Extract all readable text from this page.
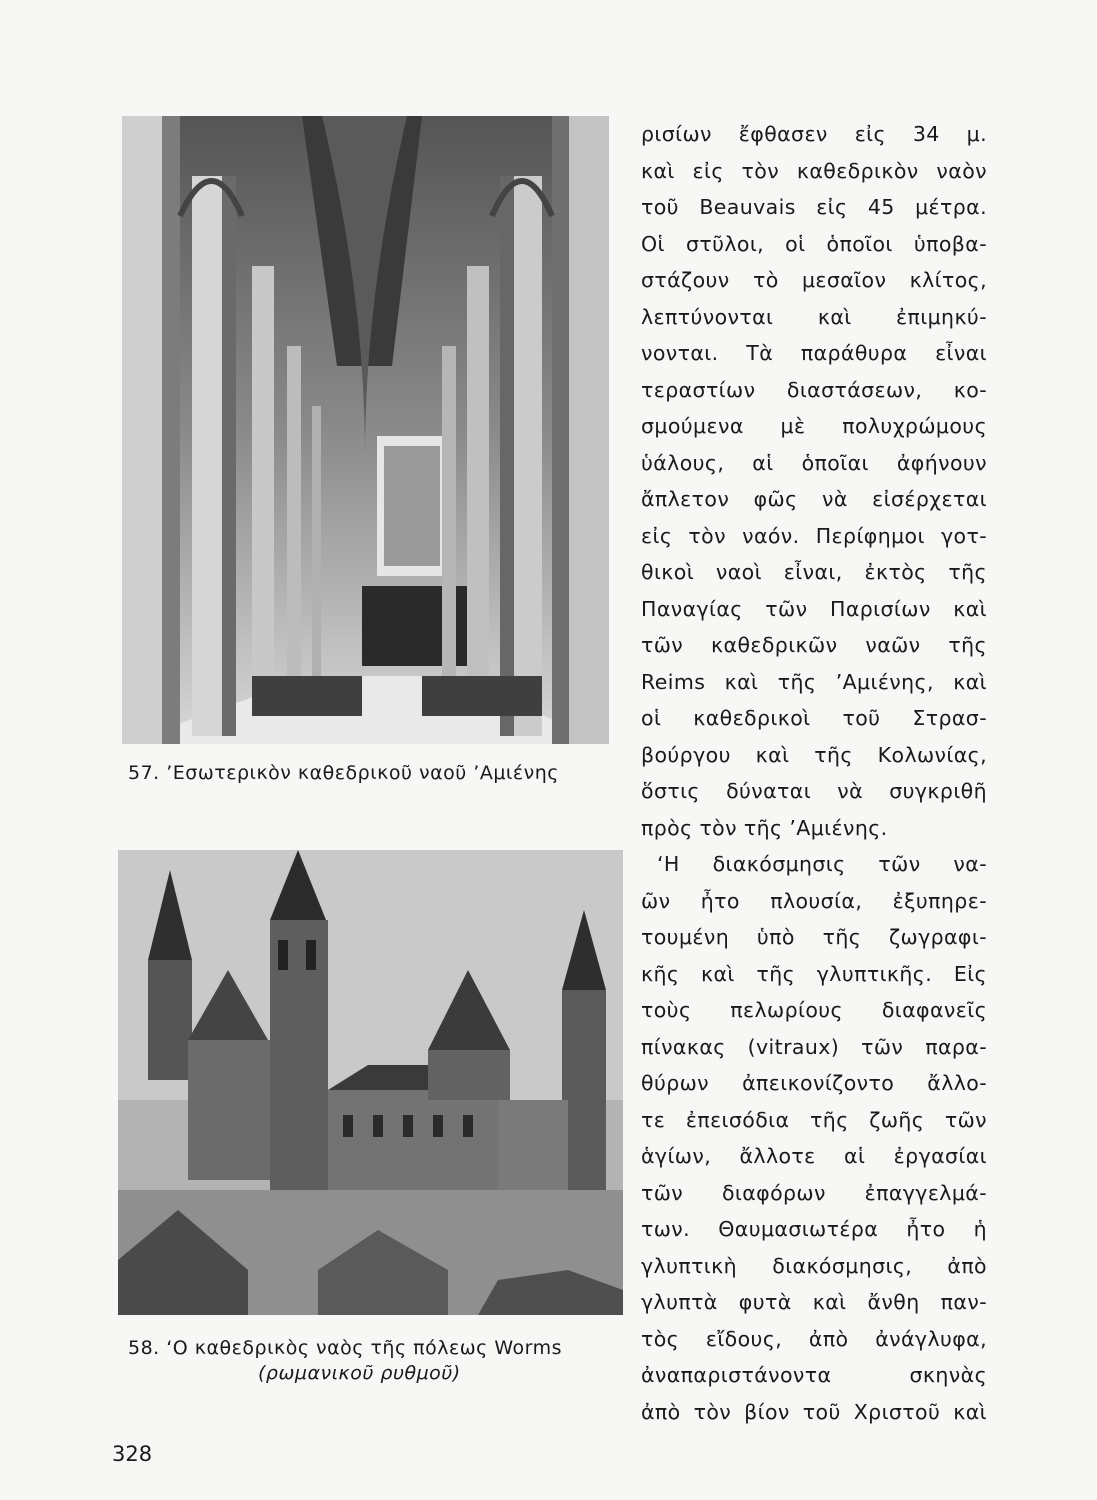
57. ’Εσωτερικὸν καθεδρικοῦ ναοῦ ’Αμιένης
58. ‘Ο καθεδρικὸς ναὸς τῆς πόλεως Worms
(ρωμανικοῦ ρυθμοῦ)
ρισίων ἔφθασεν εἰς 34 μ.
καὶ εἰς τὸν καθεδρικὸν ναὸν
τοῦ Beauvais εἰς 45 μέτρα.
Οἱ στῦλοι, οἱ ὁποῖοι ὑποβα-
στάζουν τὸ μεσαῖον κλίτος,
λεπτύνονται καὶ ἐπιμηκύ-
νονται. Τὰ παράθυρα εἶναι
τεραστίων διαστάσεων, κο-
σμούμενα μὲ πολυχρώμους
ὑάλους, αἱ ὁποῖαι ἀφήνουν
ἄπλετον φῶς νὰ εἰσέρχεται
εἰς τὸν ναόν. Περίφημοι γοτ-
θικοὶ ναοὶ εἶναι, ἐκτὸς τῆς
Παναγίας τῶν Παρισίων καὶ
τῶν καθεδρικῶν ναῶν τῆς
Reims καὶ τῆς ’Αμιένης, καὶ
οἱ καθεδρικοὶ τοῦ Στρασ-
βούργου καὶ τῆς Κολωνίας,
ὅστις δύναται νὰ συγκριθῆ
πρὸς τὸν τῆς ’Αμιένης.
‘Η διακόσμησις τῶν να-
ῶν ἦτο πλουσία, ἐξυπηρε-
τουμένη ὑπὸ τῆς ζωγραφι-
κῆς καὶ τῆς γλυπτικῆς. Εἰς
τοὺς πελωρίους διαφανεῖς
πίνακας (vitraux) τῶν παρα-
θύρων ἀπεικονίζοντο ἄλλο-
τε ἐπεισόδια τῆς ζωῆς τῶν
ἁγίων, ἄλλοτε αἱ ἐργασίαι
τῶν διαφόρων ἐπαγγελμά-
των. Θαυμασιωτέρα ἦτο ἡ
γλυπτικὴ διακόσμησις, ἀπὸ
γλυπτὰ φυτὰ καὶ ἄνθη παν-
τὸς εἴδους, ἀπὸ ἀνάγλυφα,
ἀναπαριστάνοντα σκηνὰς
ἀπὸ τὸν βίον τοῦ Χριστοῦ καὶ
328
